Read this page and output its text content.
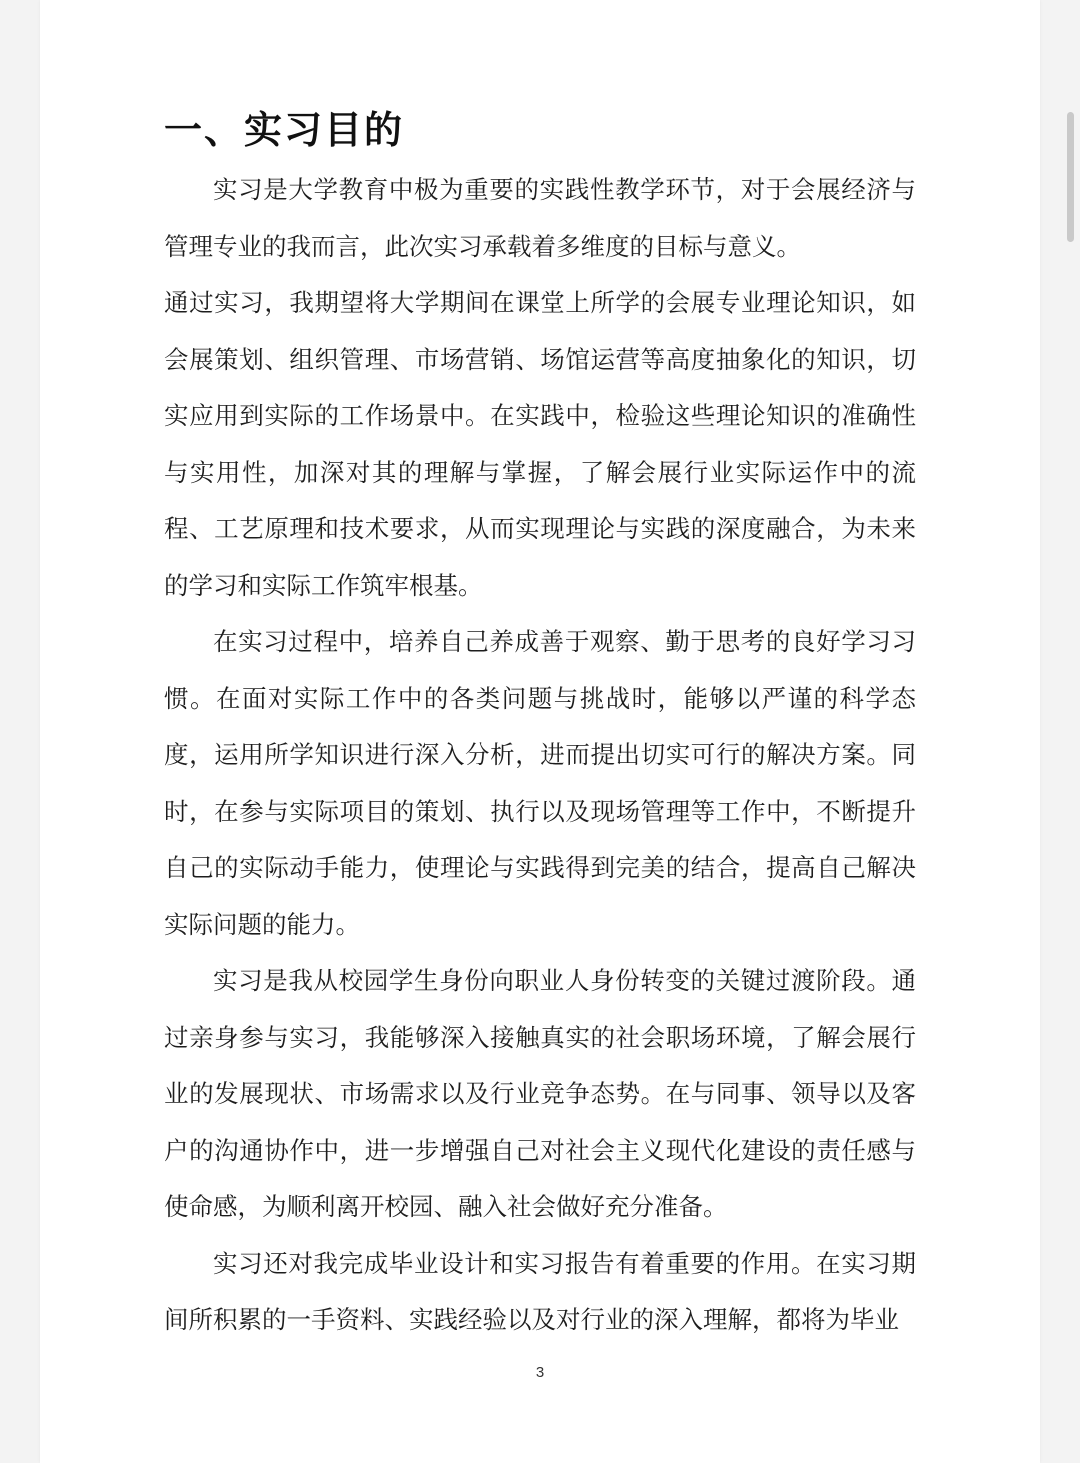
一、实习目的

实习是大学教育中极为重要的实践性教学环节，对于会展经济与管理专业的我而言，此次实习承载着多维度的目标与意义。

通过实习，我期望将大学期间在课堂上所学的会展专业理论知识，如会展策划、组织管理、市场营销、场馆运营等高度抽象化的知识，切实应用到实际的工作场景中。在实践中，检验这些理论知识的准确性与实用性，加深对其的理解与掌握，了解会展行业实际运作中的流程、工艺原理和技术要求，从而实现理论与实践的深度融合，为未来的学习和实际工作筑牢根基。

在实习过程中，培养自己养成善于观察、勤于思考的良好学习习惯。在面对实际工作中的各类问题与挑战时，能够以严谨的科学态度，运用所学知识进行深入分析，进而提出切实可行的解决方案。同时，在参与实际项目的策划、执行以及现场管理等工作中，不断提升自己的实际动手能力，使理论与实践得到完美的结合，提高自己解决实际问题的能力。

实习是我从校园学生身份向职业人身份转变的关键过渡阶段。通过亲身参与实习，我能够深入接触真实的社会职场环境，了解会展行业的发展现状、市场需求以及行业竞争态势。在与同事、领导以及客户的沟通协作中，进一步增强自己对社会主义现代化建设的责任感与使命感，为顺利离开校园、融入社会做好充分准备。

实习还对我完成毕业设计和实习报告有着重要的作用。在实习期间所积累的一手资料、实践经验以及对行业的深入理解，都将为毕业

3
